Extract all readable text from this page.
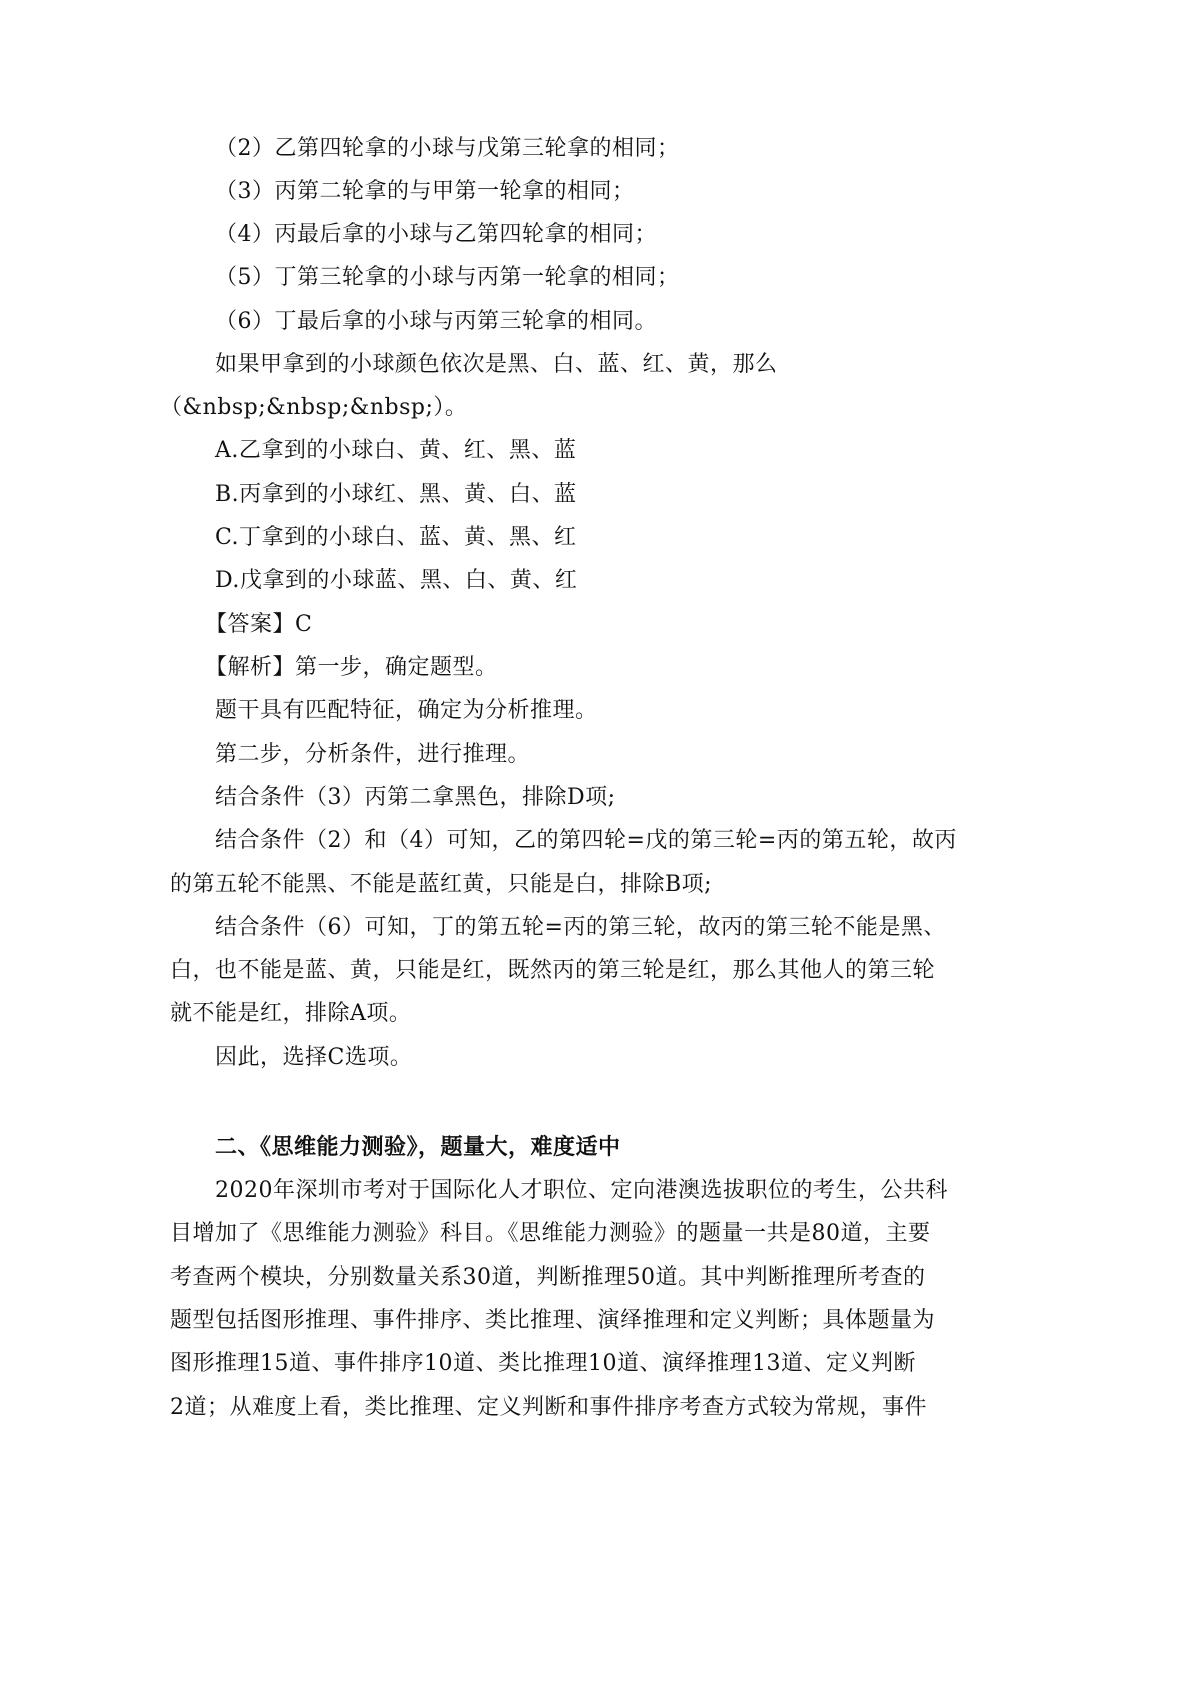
（2）乙第四轮拿的小球与戊第三轮拿的相同；
（3）丙第二轮拿的与甲第一轮拿的相同；
（4）丙最后拿的小球与乙第四轮拿的相同；
（5）丁第三轮拿的小球与丙第一轮拿的相同；
（6）丁最后拿的小球与丙第三轮拿的相同。
如果甲拿到的小球颜色依次是黑、白、蓝、红、黄，那么
（&nbsp;&nbsp;&nbsp;）。
A.乙拿到的小球白、黄、红、黑、蓝
B.丙拿到的小球红、黑、黄、白、蓝
C.丁拿到的小球白、蓝、黄、黑、红
D.戊拿到的小球蓝、黑、白、黄、红
【答案】C
【解析】第一步，确定题型。
题干具有匹配特征，确定为分析推理。
第二步，分析条件，进行推理。
结合条件（3）丙第二拿黑色，排除D项;
结合条件（2）和（4）可知，乙的第四轮=戊的第三轮=丙的第五轮，故丙
的第五轮不能黑、不能是蓝红黄，只能是白，排除B项;
结合条件（6）可知，丁的第五轮=丙的第三轮，故丙的第三轮不能是黑、
白，也不能是蓝、黄，只能是红，既然丙的第三轮是红，那么其他人的第三轮
就不能是红，排除A项。
因此，选择C选项。
二、《思维能力测验》，题量大，难度适中
2020年深圳市考对于国际化人才职位、定向港澳选拔职位的考生，公共科
目增加了《思维能力测验》科目。《思维能力测验》的题量一共是80道，主要
考查两个模块，分别数量关系30道，判断推理50道。其中判断推理所考查的
题型包括图形推理、事件排序、类比推理、演绎推理和定义判断；具体题量为
图形推理15道、事件排序10道、类比推理10道、演绎推理13道、定义判断
2道；从难度上看，类比推理、定义判断和事件排序考查方式较为常规，事件
